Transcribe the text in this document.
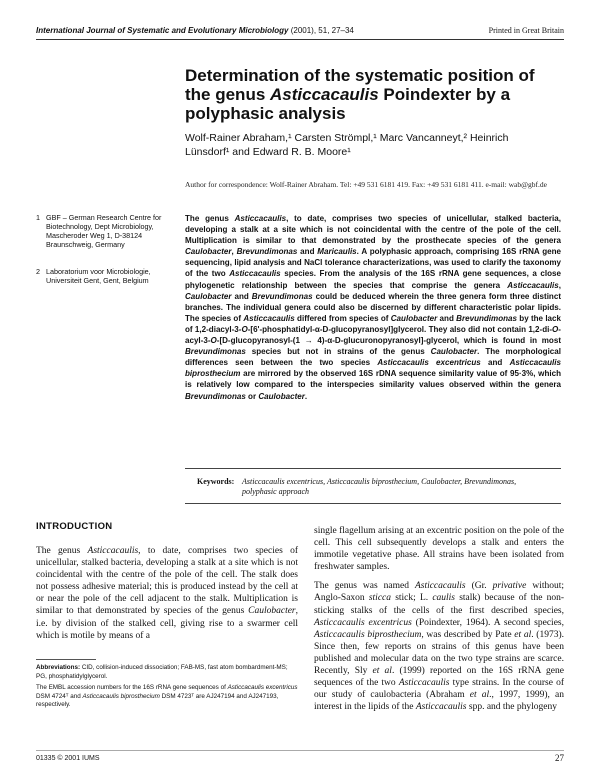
International Journal of Systematic and Evolutionary Microbiology (2001), 51, 27–34	Printed in Great Britain
Determination of the systematic position of the genus Asticcacaulis Poindexter by a polyphasic analysis
Wolf-Rainer Abraham,¹ Carsten Strömpl,¹ Marc Vancanneyt,² Heinrich Lünsdorf¹ and Edward R. B. Moore¹
Author for correspondence: Wolf-Rainer Abraham. Tel: +49 531 6181 419. Fax: +49 531 6181 411. e-mail: wab@gbf.de
1 GBF – German Research Centre for Biotechnology, Dept Microbiology, Mascheroder Weg 1, D-38124 Braunschweig, Germany
2 Laboratorium voor Microbiologie, Universiteit Gent, Gent, Belgium
The genus Asticcacaulis, to date, comprises two species of unicellular, stalked bacteria, developing a stalk at a site which is not coincidental with the centre of the pole of the cell. Multiplication is similar to that demonstrated by the prosthecate species of the genera Caulobacter, Brevundimonas and Maricaulis. A polyphasic approach, comprising 16S rRNA gene sequencing, lipid analysis and NaCl tolerance characterizations, was used to clarify the taxonomy of the two Asticcacaulis species. From the analysis of the 16S rRNA gene sequences, a close phylogenetic relationship between the species that comprise the genera Asticcacaulis, Caulobacter and Brevundimonas could be deduced wherein the three genera form three distinct branches. The individual genera could also be discerned by different characteristic polar lipids. The species of Asticcacaulis differed from species of Caulobacter and Brevundimonas by the lack of 1,2-diacyl-3-O-[6'-phosphatidyl-α-D-glucopyranosyl]glycerol. They also did not contain 1,2-di-O-acyl-3-O-[D-glucopyranosyl-(1 → 4)-α-D-glucuronopyranosyl]-glycerol, which is found in most Brevundimonas species but not in strains of the genus Caulobacter. The morphological differences seen between the two species Asticcacaulis excentricus and Asticcacaulis biprosthecium are mirrored by the observed 16S rDNA sequence similarity value of 95·3%, which is relatively low compared to the interspecies similarity values observed within the genera Brevundimonas or Caulobacter.
Keywords: Asticcacaulis excentricus, Asticcacaulis biprosthecium, Caulobacter, Brevundimonas, polyphasic approach
INTRODUCTION

The genus Asticcacaulis, to date, comprises two species of unicellular, stalked bacteria, developing a stalk at a site which is not coincidental with the centre of the pole of the cell. The stalk does not possess adhesive material; this is produced instead by the cell at or near the pole of the cell adjacent to the stalk. Multiplication is similar to that demonstrated by species of the genus Caulobacter, i.e. by division of the stalked cell, giving rise to a swarmer cell which is motile by means of a

single flagellum arising at an excentric position on the pole of the cell. This cell subsequently develops a stalk and enters the immotile vegetative phase. All strains have been isolated from freshwater samples.

The genus was named Asticcacaulis (Gr. privative without; Anglo-Saxon sticca stick; L. caulis stalk) because of the non-sticking stalks of the cells of the first described species, Asticcacaulis excentricus (Poindexter, 1964). A second species, Asticcacaulis biprosthecium, was described by Pate et al. (1973). Since then, few reports on strains of this genus have been published and molecular data on the two type strains are scarce. Recently, Sly et al. (1999) reported on the 16S rRNA gene sequences of the two Asticcacaulis type strains. In the course of our study of caulobacteria (Abraham et al., 1997, 1999), an interest in the lipids of the Asticcacaulis spp. and the phylogeny

Abbreviations: CID, collision-induced dissociation; FAB-MS, fast atom bombardment-MS; PG, phosphatidylglycerol.

The EMBL accession numbers for the 16S rRNA gene sequences of Asticcacaulis excentricus DSM 4724ᵀ and Asticcacaulis biprosthecium DSM 4723ᵀ are AJ247194 and AJ247193, respectively.

01335 © 2001 IUMS	27
